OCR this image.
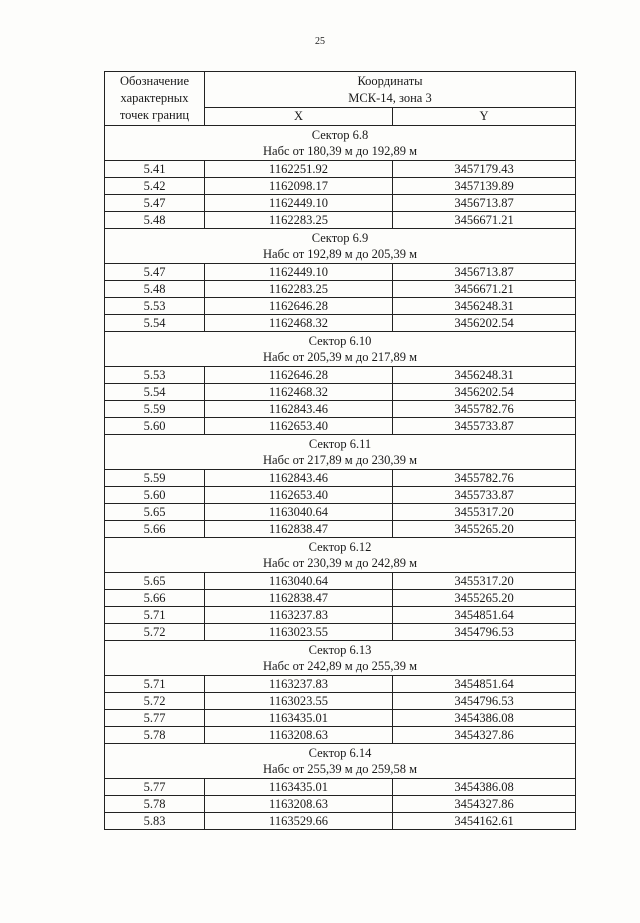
25
Обозначение характерных точек границ	Координаты
МСК-14, зона 3	
	X	Y
Сектор 6.8
Набс от 180,39 м до 192,89 м		
5.41	1162251.92	3457179.43
5.42	1162098.17	3457139.89
5.47	1162449.10	3456713.87
5.48	1162283.25	3456671.21
Сектор 6.9
Набс от 192,89 м до 205,39 м		
5.47	1162449.10	3456713.87
5.48	1162283.25	3456671.21
5.53	1162646.28	3456248.31
5.54	1162468.32	3456202.54
Сектор 6.10
Набс от 205,39 м до 217,89 м		
5.53	1162646.28	3456248.31
5.54	1162468.32	3456202.54
5.59	1162843.46	3455782.76
5.60	1162653.40	3455733.87
Сектор 6.11
Набс от 217,89 м до 230,39 м		
5.59	1162843.46	3455782.76
5.60	1162653.40	3455733.87
5.65	1163040.64	3455317.20
5.66	1162838.47	3455265.20
Сектор 6.12
Набс от 230,39 м до 242,89 м		
5.65	1163040.64	3455317.20
5.66	1162838.47	3455265.20
5.71	1163237.83	3454851.64
5.72	1163023.55	3454796.53
Сектор 6.13
Набс от 242,89 м до 255,39 м		
5.71	1163237.83	3454851.64
5.72	1163023.55	3454796.53
5.77	1163435.01	3454386.08
5.78	1163208.63	3454327.86
Сектор 6.14
Набс от 255,39 м до 259,58 м		
5.77	1163435.01	3454386.08
5.78	1163208.63	3454327.86
5.83	1163529.66	3454162.61
